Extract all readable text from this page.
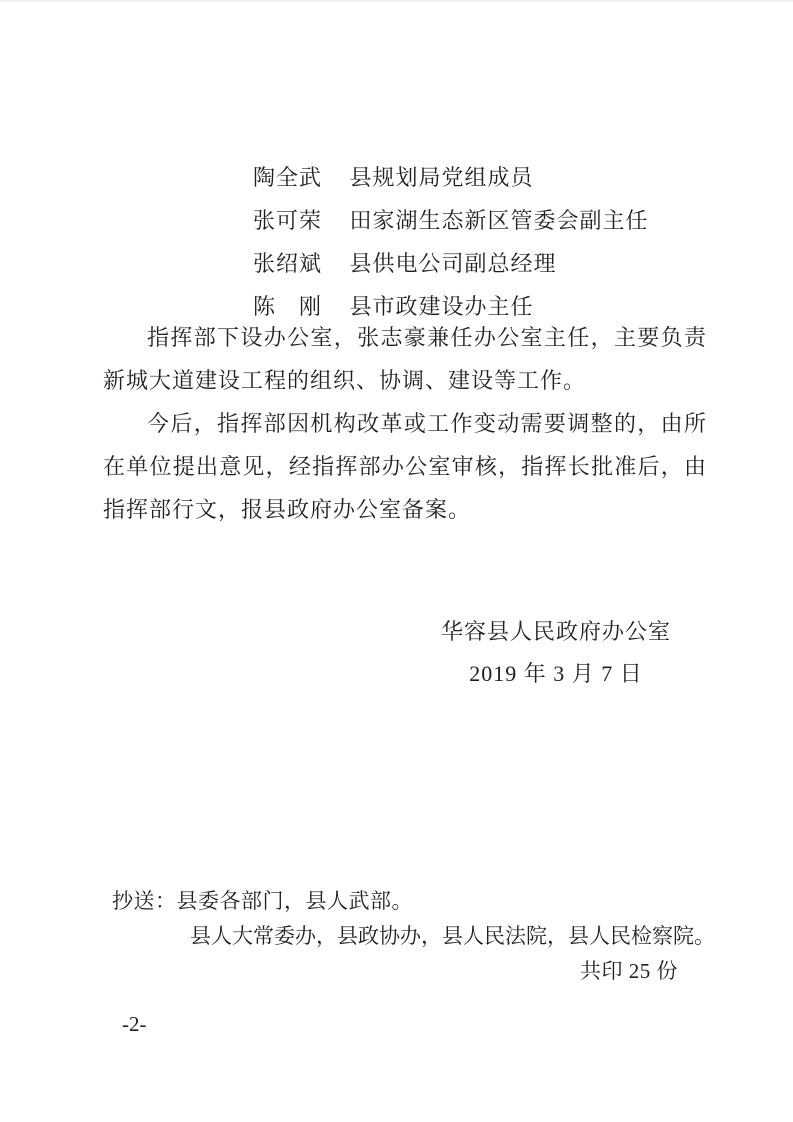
陶全武 县规划局党组成员
张可荣 田家湖生态新区管委会副主任
张绍斌 县供电公司副总经理
陈　刚 县市政建设办主任
指挥部下设办公室，张志豪兼任办公室主任，主要负责新城大道建设工程的组织、协调、建设等工作。
今后，指挥部因机构改革或工作变动需要调整的，由所在单位提出意见，经指挥部办公室审核，指挥长批准后，由指挥部行文，报县政府办公室备案。
华容县人民政府办公室
2019 年 3 月 7 日
抄送：县委各部门，县人武部。
县人大常委办，县政协办，县人民法院，县人民检察院。
共印 25 份
-2-
